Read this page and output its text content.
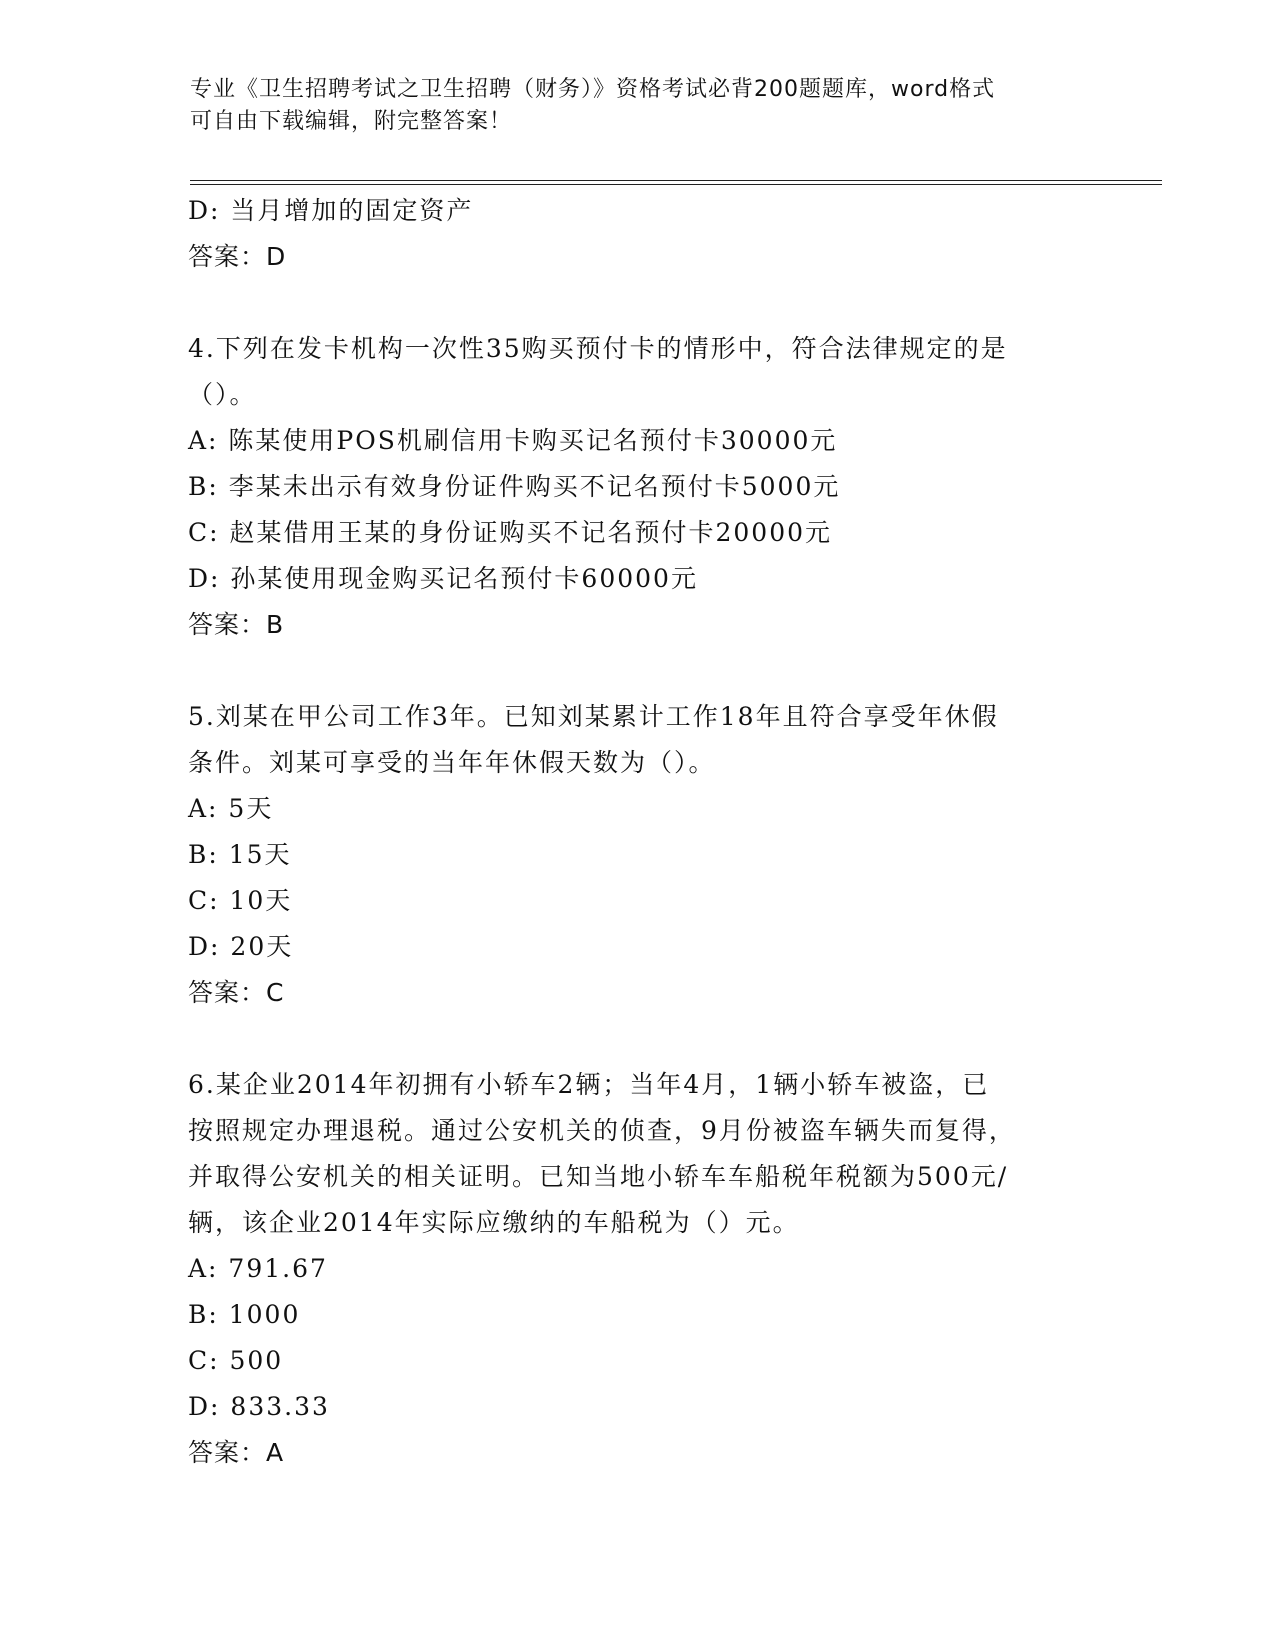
专业《卫生招聘考试之卫生招聘（财务）》资格考试必背200题题库，word格式
可自由下载编辑，附完整答案！
D: 当月增加的固定资产
答案：D
4.下列在发卡机构一次性35购买预付卡的情形中，符合法律规定的是
（）。
A: 陈某使用POS机刷信用卡购买记名预付卡30000元
B: 李某未出示有效身份证件购买不记名预付卡5000元
C: 赵某借用王某的身份证购买不记名预付卡20000元
D: 孙某使用现金购买记名预付卡60000元
答案：B
5.刘某在甲公司工作3年。已知刘某累计工作18年且符合享受年休假
条件。刘某可享受的当年年休假天数为（）。
A: 5天
B: 15天
C: 10天
D: 20天
答案：C
6.某企业2014年初拥有小轿车2辆；当年4月，1辆小轿车被盗，已
按照规定办理退税。通过公安机关的侦查，9月份被盗车辆失而复得，
并取得公安机关的相关证明。已知当地小轿车车船税年税额为500元/
辆，该企业2014年实际应缴纳的车船税为（）元。
A: 791.67
B: 1000
C: 500
D: 833.33
答案：A
